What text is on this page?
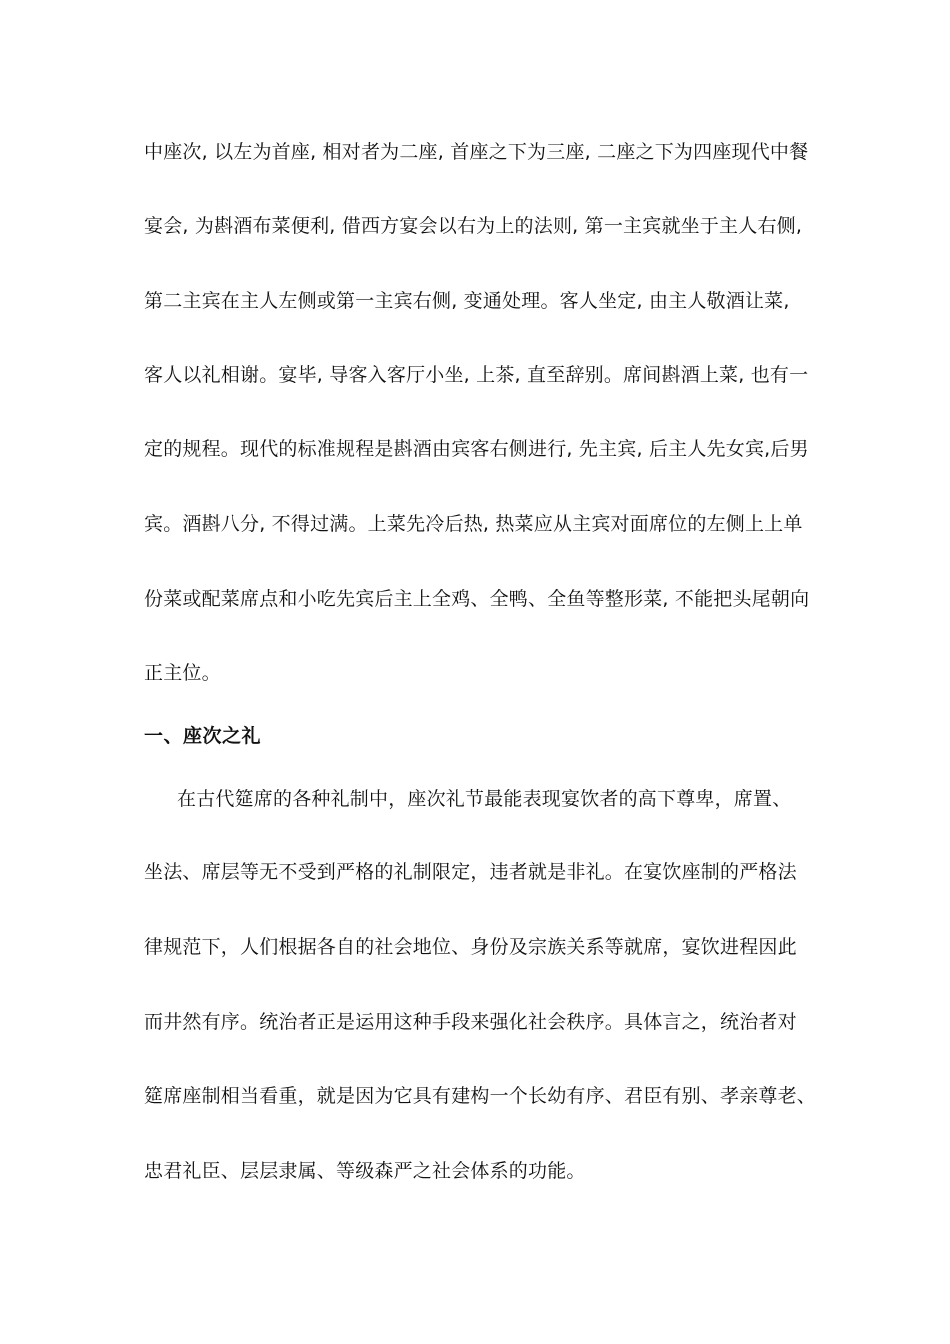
中座次, 以左为首座, 相对者为二座, 首座之下为三座, 二座之下为四座现代中餐
宴会, 为斟酒布菜便利, 借西方宴会以右为上的法则, 第一主宾就坐于主人右侧,
第二主宾在主人左侧或第一主宾右侧, 变通处理。客人坐定, 由主人敬酒让菜,
客人以礼相谢。宴毕, 导客入客厅小坐, 上茶, 直至辞别。席间斟酒上菜, 也有一
定的规程。现代的标准规程是斟酒由宾客右侧进行, 先主宾, 后主人先女宾,后男
宾。酒斟八分, 不得过满。上菜先冷后热, 热菜应从主宾对面席位的左侧上上单
份菜或配菜席点和小吃先宾后主上全鸡、全鸭、全鱼等整形菜, 不能把头尾朝向
正主位。
一、座次之礼
在古代筵席的各种礼制中，座次礼节最能表现宴饮者的高下尊卑，席置、
坐法、席层等无不受到严格的礼制限定，违者就是非礼。在宴饮座制的严格法
律规范下，人们根据各自的社会地位、身份及宗族关系等就席，宴饮进程因此
而井然有序。统治者正是运用这种手段来强化社会秩序。具体言之，统治者对
筵席座制相当看重，就是因为它具有建构一个长幼有序、君臣有别、孝亲尊老、
忠君礼臣、层层隶属、等级森严之社会体系的功能。
